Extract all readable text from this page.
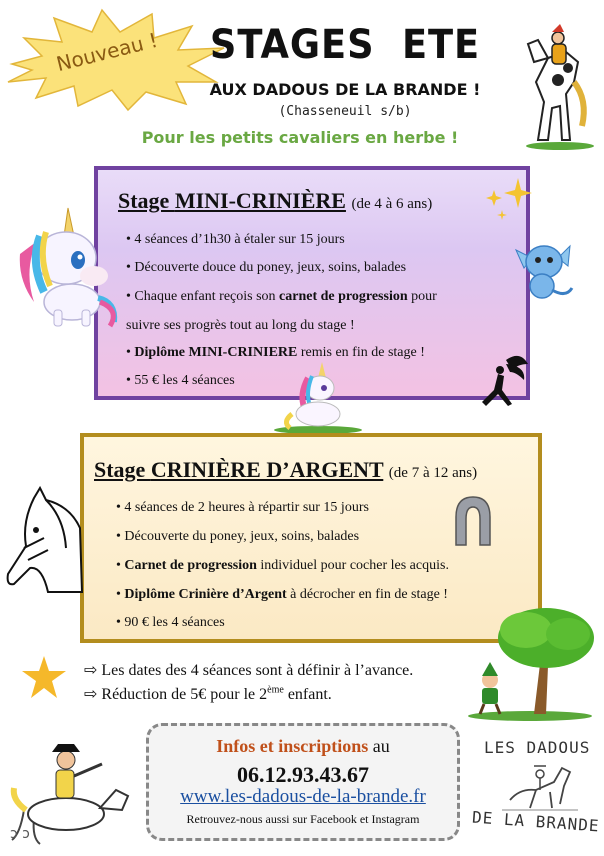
Nouveau !	STAGES  ETE
AUX DADOUS DE LA BRANDE !
(Chasseneuil s/b)
Pour les petits cavaliers en herbe !
Stage MINI-CRINIÈRE (de 4 à 6 ans)
• 4 séances d’1h30 à étaler sur 15 jours
• Découverte douce du poney, jeux, soins, balades
• Chaque enfant reçois son carnet de progression pour
suivre ses progrès tout au long du stage !
• Diplôme MINI-CRINIERE remis en fin de stage !
• 55 € les 4 séances
Stage CRINIÈRE D’ARGENT (de 7 à 12 ans)
• 4 séances de 2 heures à répartir sur 15 jours
• Découverte du poney, jeux, soins, balades
• Carnet de progression individuel pour cocher les acquis.
• Diplôme Crinière d’Argent à décrocher en fin de stage !
• 90 € les 4 séances
⇨ Les dates des 4 séances sont à définir à l’avance.
⇨ Réduction de 5€ pour le 2ème enfant.
ͻ ͻ
Infos et inscriptions au
06.12.93.43.67
www.les-dadous-de-la-brande.fr
Retrouvez-nous aussi sur Facebook et Instagram
LES DADOUS
DE LA BRANDE
